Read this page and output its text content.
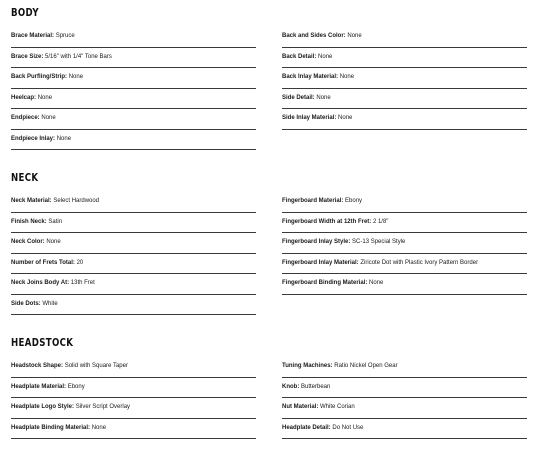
BODY
Brace Material: Spruce
Brace Size: 5/16" with 1/4" Tone Bars
Back Purfling/Strip: None
Heelcap: None
Endpiece: None
Endpiece Inlay: None
Back and Sides Color: None
Back Detail: None
Back Inlay Material: None
Side Detail: None
Side Inlay Material: None
NECK
Neck Material: Select Hardwood
Finish Neck: Satin
Neck Color: None
Number of Frets Total: 20
Neck Joins Body At: 13th Fret
Side Dots: White
Fingerboard Material: Ebony
Fingerboard Width at 12th Fret: 2 1/8"
Fingerboard Inlay Style: SC-13 Special Style
Fingerboard Inlay Material: Ziricote Dot with Plastic Ivory Pattern Border
Fingerboard Binding Material: None
HEADSTOCK
Headstock Shape: Solid with Square Taper
Headplate Material: Ebony
Headplate Logo Style: Silver Script Overlay
Headplate Binding Material: None
Tuning Machines: Ratio Nickel Open Gear
Knob: Butterbean
Nut Material: White Corian
Headplate Detail: Do Not Use
